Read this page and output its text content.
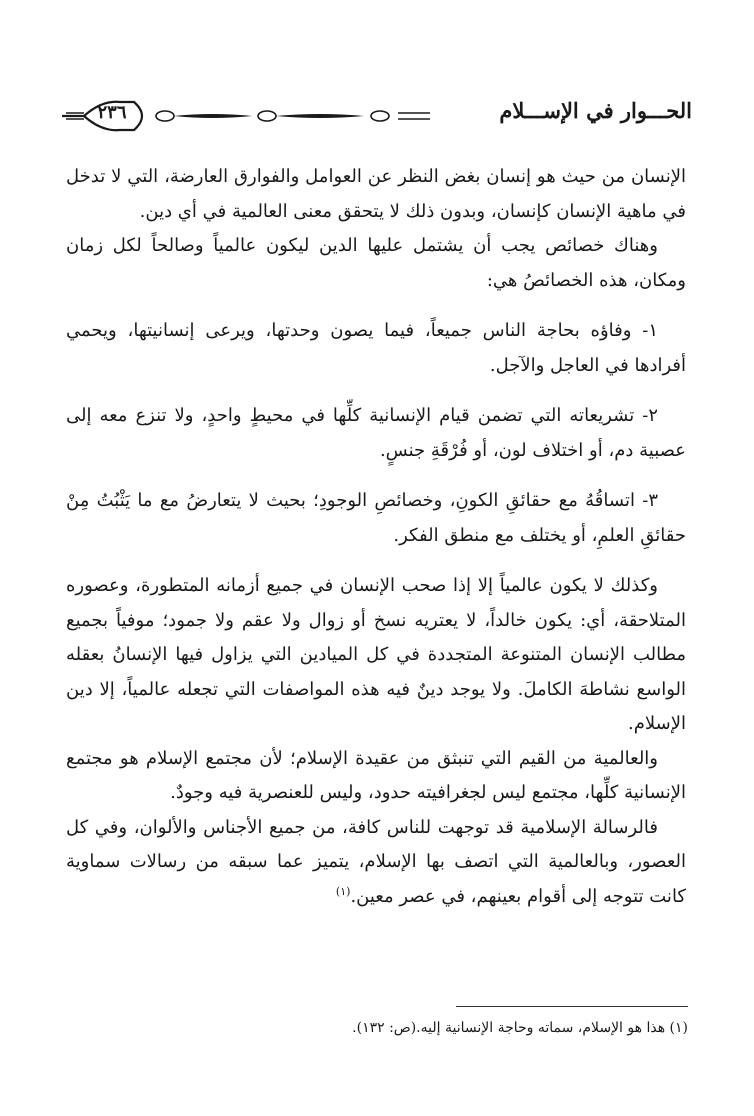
٢٣٦	الحـــوار في الإســـلام

الإنسان من حيث هو إنسان بغض النظر عن العوامل والفوارق العارضة، التي لا تدخل في ماهية الإنسان كإنسان، وبدون ذلك لا يتحقق معنى العالمية في أي دين.

وهناك خصائص يجب أن يشتمل عليها الدين ليكون عالمياً وصالحاً لكل زمان ومكان، هذه الخصائصُ هي:

١- وفاؤه بحاجة الناس جميعاً، فيما يصون وحدتها، ويرعى إنسانيتها، ويحمي أفرادها في العاجل والآجل.

٢- تشريعاته التي تضمن قيام الإنسانية كلِّها في محيطٍ واحدٍ، ولا تنزع معه إلى عصبية دم، أو اختلاف لون، أو فُرْقَةِ جنسٍ.

٣- اتساقُهُ مع حقائقِ الكونِ، وخصائصِ الوجودِ؛ بحيث لا يتعارضُ مع ما يَثْبُتُ مِنْ حقائقِ العلمِ، أو يختلف مع منطق الفكر.

وكذلك لا يكون عالمياً إلا إذا صحب الإنسان في جميع أزمانه المتطورة، وعصوره المتلاحقة، أي: يكون خالداً، لا يعتريه نسخ أو زوال ولا عقم ولا جمود؛ موفياً بجميع مطالب الإنسان المتنوعة المتجددة في كل الميادين التي يزاول فيها الإنسانُ بعقله الواسع نشاطهَ الكاملَ. ولا يوجد دينٌ فيه هذه المواصفات التي تجعله عالمياً، إلا دين الإسلام.

والعالمية من القيم التي تنبثق من عقيدة الإسلام؛ لأن مجتمع الإسلام هو مجتمع الإنسانية كلِّها، مجتمع ليس لجغرافيته حدود، وليس للعنصرية فيه وجودٌ.

فالرسالة الإسلامية قد توجهت للناس كافة، من جميع الأجناس والألوان، وفي كل العصور، وبالعالمية التي اتصف بها الإسلام، يتميز عما سبقه من رسالات سماوية كانت تتوجه إلى أقوام بعينهم، في عصر معين.$^{(١)}$

(١) هذا هو الإسلام، سماته وحاجة الإنسانية إليه.(ص: ١٣٢).
